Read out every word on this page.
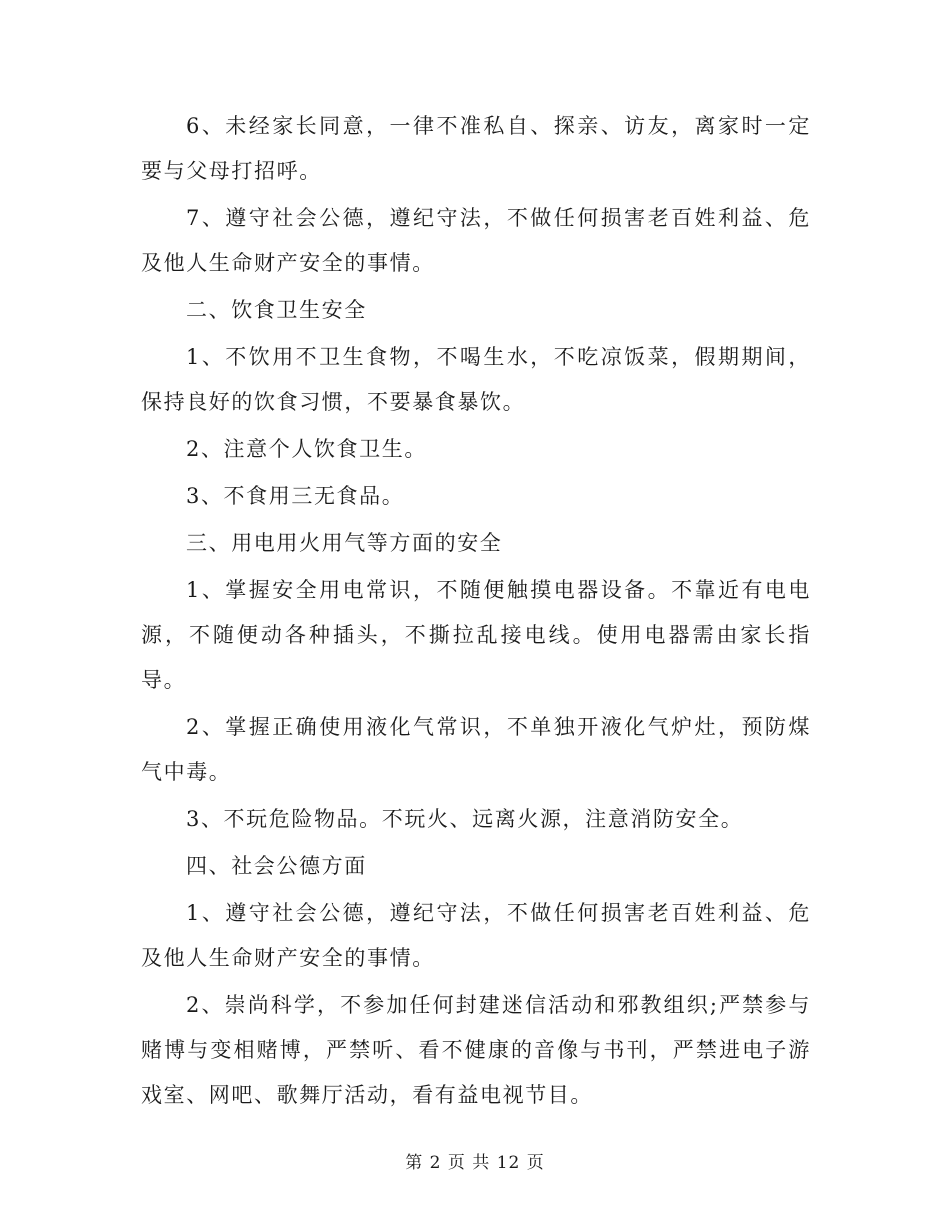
6、未经家长同意，一律不准私自、探亲、访友，离家时一定要与父母打招呼。

7、遵守社会公德，遵纪守法，不做任何损害老百姓利益、危及他人生命财产安全的事情。

二、饮食卫生安全

1、不饮用不卫生食物，不喝生水，不吃凉饭菜，假期期间，保持良好的饮食习惯，不要暴食暴饮。

2、注意个人饮食卫生。

3、不食用三无食品。

三、用电用火用气等方面的安全

1、掌握安全用电常识，不随便触摸电器设备。不靠近有电电源，不随便动各种插头，不撕拉乱接电线。使用电器需由家长指导。

2、掌握正确使用液化气常识，不单独开液化气炉灶，预防煤气中毒。

3、不玩危险物品。不玩火、远离火源，注意消防安全。

四、社会公德方面

1、遵守社会公德，遵纪守法，不做任何损害老百姓利益、危及他人生命财产安全的事情。

2、崇尚科学，不参加任何封建迷信活动和邪教组织;严禁参与赌博与变相赌博，严禁听、看不健康的音像与书刊，严禁进电子游戏室、网吧、歌舞厅活动，看有益电视节目。

第 2 页 共 12 页
